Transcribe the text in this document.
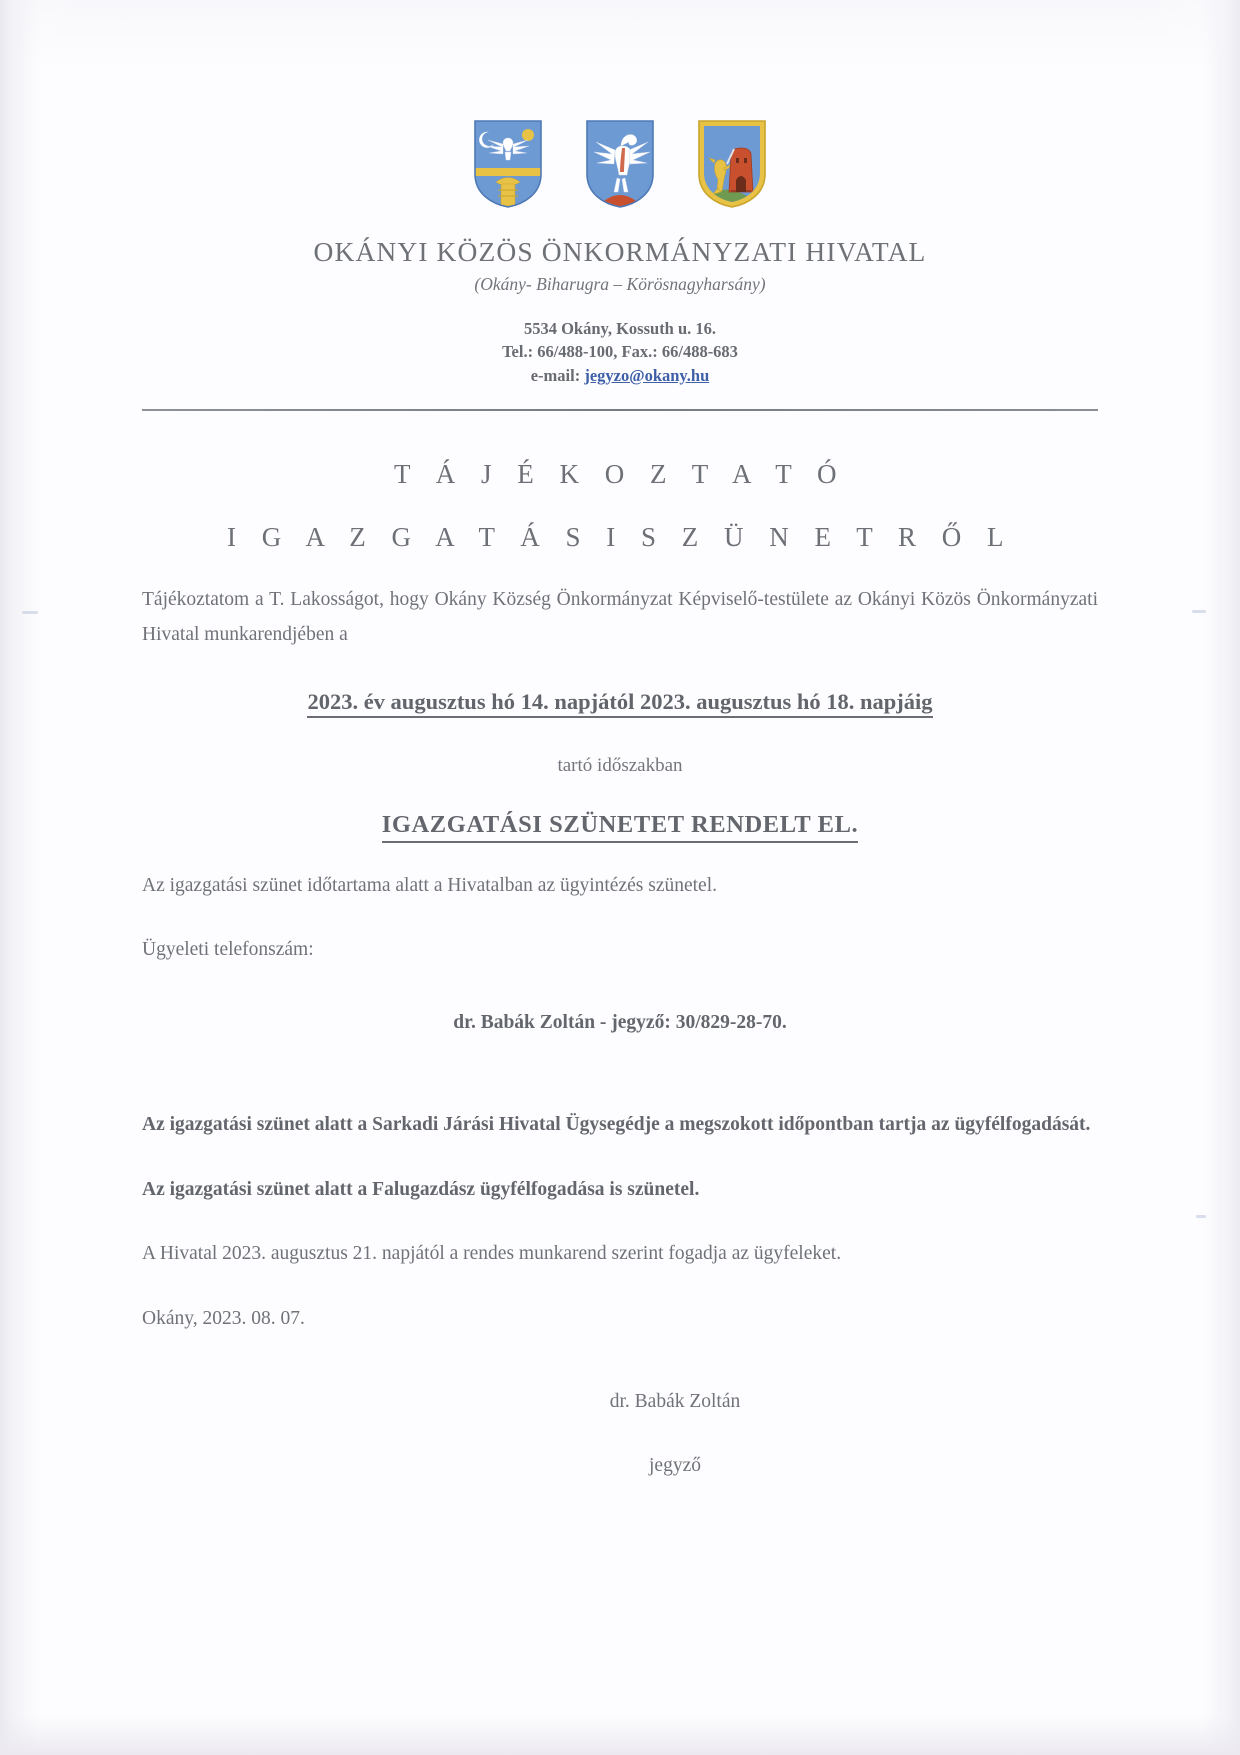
OKÁNYI KÖZÖS ÖNKORMÁNYZATI HIVATAL
(Okány- Biharugra – Körösnagyharsány)
5534 Okány, Kossuth u. 16.
Tel.: 66/488-100, Fax.: 66/488-683
e-mail: jegyzo@okany.hu
T Á J É K O Z T A T Ó
I G A Z G A T Á S I S Z Ü N E T R Ő L
Tájékoztatom a T. Lakosságot, hogy Okány Község Önkormányzat Képviselő-testülete az Okányi Közös Önkormányzati Hivatal munkarendjében a
2023. év augusztus hó 14. napjától 2023. augusztus hó 18. napjáig
tartó időszakban
IGAZGATÁSI SZÜNETET RENDELT EL.
Az igazgatási szünet időtartama alatt a Hivatalban az ügyintézés szünetel.
Ügyeleti telefonszám:
dr. Babák Zoltán - jegyző: 30/829-28-70.
Az igazgatási szünet alatt a Sarkadi Járási Hivatal Ügysegédje a megszokott időpontban tartja az ügyfélfogadását.
Az igazgatási szünet alatt a Falugazdász ügyfélfogadása is szünetel.
A Hivatal 2023. augusztus 21. napjától a rendes munkarend szerint fogadja az ügyfeleket.
Okány, 2023. 08. 07.
dr. Babák Zoltán
jegyző
